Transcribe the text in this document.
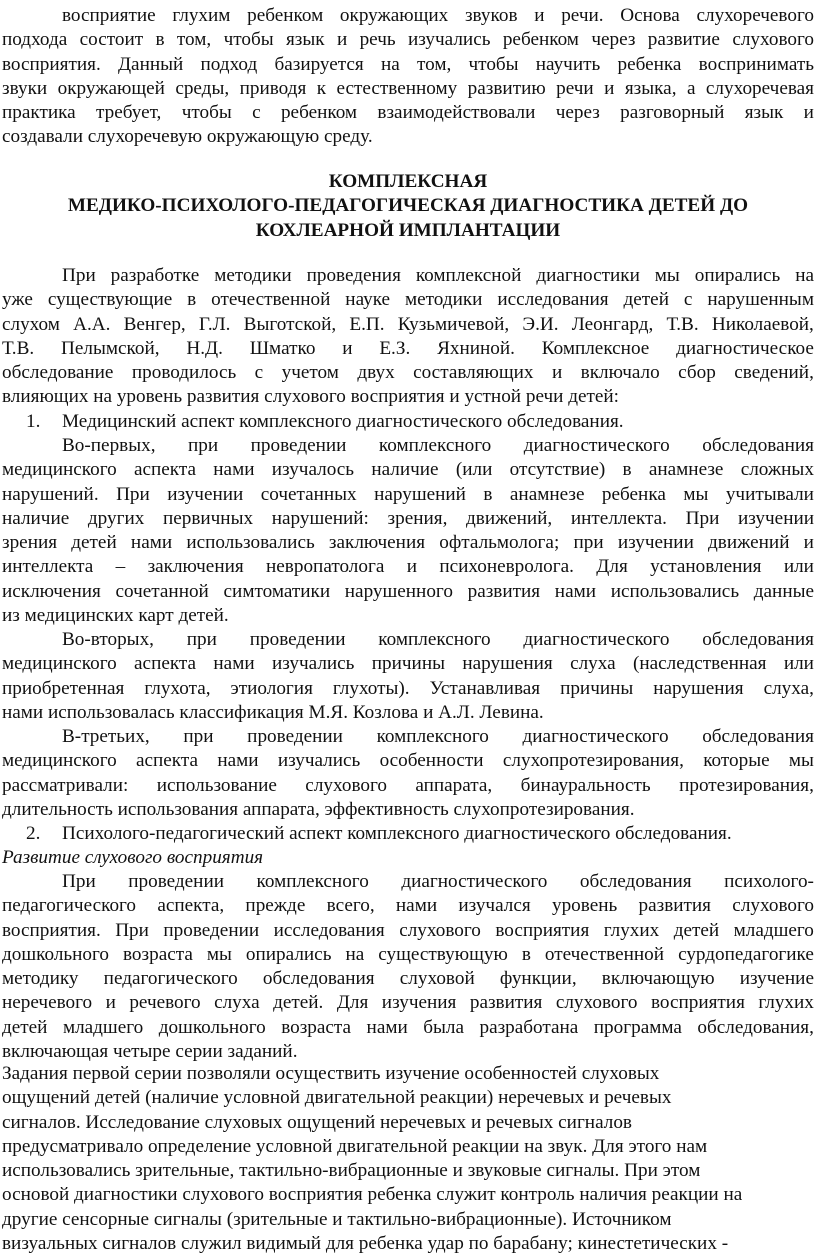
восприятие глухим ребенком окружающих звуков и речи. Основа слухоречевого
подхода состоит в том, чтобы язык и речь изучались ребенком через развитие слухового
восприятия. Данный подход базируется на том, чтобы научить ребенка воспринимать
звуки окружающей среды, приводя к естественному развитию речи и языка, а слухоречевая
практика требует, чтобы с ребенком взаимодействовали через разговорный язык и
создавали слухоречевую окружающую среду.
КОМПЛЕКСНАЯ
МЕДИКО-ПСИХОЛОГО-ПЕДАГОГИЧЕСКАЯ ДИАГНОСТИКА ДЕТЕЙ ДО
КОХЛЕАРНОЙ ИМПЛАНТАЦИИ
При разработке методики проведения комплексной диагностики мы опирались на
уже существующие в отечественной науке методики исследования детей с нарушенным
слухом А.А. Венгер, Г.Л. Выготской, Е.П. Кузьмичевой, Э.И. Леонгард, Т.В. Николаевой,
Т.В. Пелымской, Н.Д. Шматко и Е.З. Яхниной. Комплексное диагностическое
обследование проводилось с учетом двух составляющих и включало сбор сведений,
влияющих на уровень развития слухового восприятия и устной речи детей:
1. Медицинский аспект комплексного диагностического обследования.
Во-первых, при проведении комплексного диагностического обследования
медицинского аспекта нами изучалось наличие (или отсутствие) в анамнезе сложных
нарушений. При изучении сочетанных нарушений в анамнезе ребенка мы учитывали
наличие других первичных нарушений: зрения, движений, интеллекта. При изучении
зрения детей нами использовались заключения офтальмолога; при изучении движений и
интеллекта – заключения невропатолога и психоневролога. Для установления или
исключения сочетанной симтоматики нарушенного развития нами использовались данные
из медицинских карт детей.
Во-вторых, при проведении комплексного диагностического обследования
медицинского аспекта нами изучались причины нарушения слуха (наследственная или
приобретенная глухота, этиология глухоты). Устанавливая причины нарушения слуха,
нами использовалась классификация М.Я. Козлова и А.Л. Левина.
В-третьих, при проведении комплексного диагностического обследования
медицинского аспекта нами изучались особенности слухопротезирования, которые мы
рассматривали: использование слухового аппарата, бинауральность протезирования,
длительность использования аппарата, эффективность слухопротезирования.
2. Психолого-педагогический аспект комплексного диагностического обследования.
Развитие слухового восприятия
При проведении комплексного диагностического обследования психолого-
педагогического аспекта, прежде всего, нами изучался уровень развития слухового
восприятия. При проведении исследования слухового восприятия глухих детей младшего
дошкольного возраста мы опирались на существующую в отечественной сурдопедагогике
методику педагогического обследования слуховой функции, включающую изучение
неречевого и речевого слуха детей. Для изучения развития слухового восприятия глухих
детей младшего дошкольного возраста нами была разработана программа обследования,
включающая четыре серии заданий.
Задания первой серии позволяли осуществить изучение особенностей слуховых
ощущений детей (наличие условной двигательной реакции) неречевых и речевых
сигналов. Исследование слуховых ощущений неречевых и речевых сигналов
предусматривало определение условной двигательной реакции на звук. Для этого нам
использовались зрительные, тактильно-вибрационные и звуковые сигналы. При этом
основой диагностики слухового восприятия ребенка служит контроль наличия реакции на
другие сенсорные сигналы (зрительные и тактильно-вибрационные). Источником
визуальных сигналов служил видимый для ребенка удар по барабану; кинестетических -
